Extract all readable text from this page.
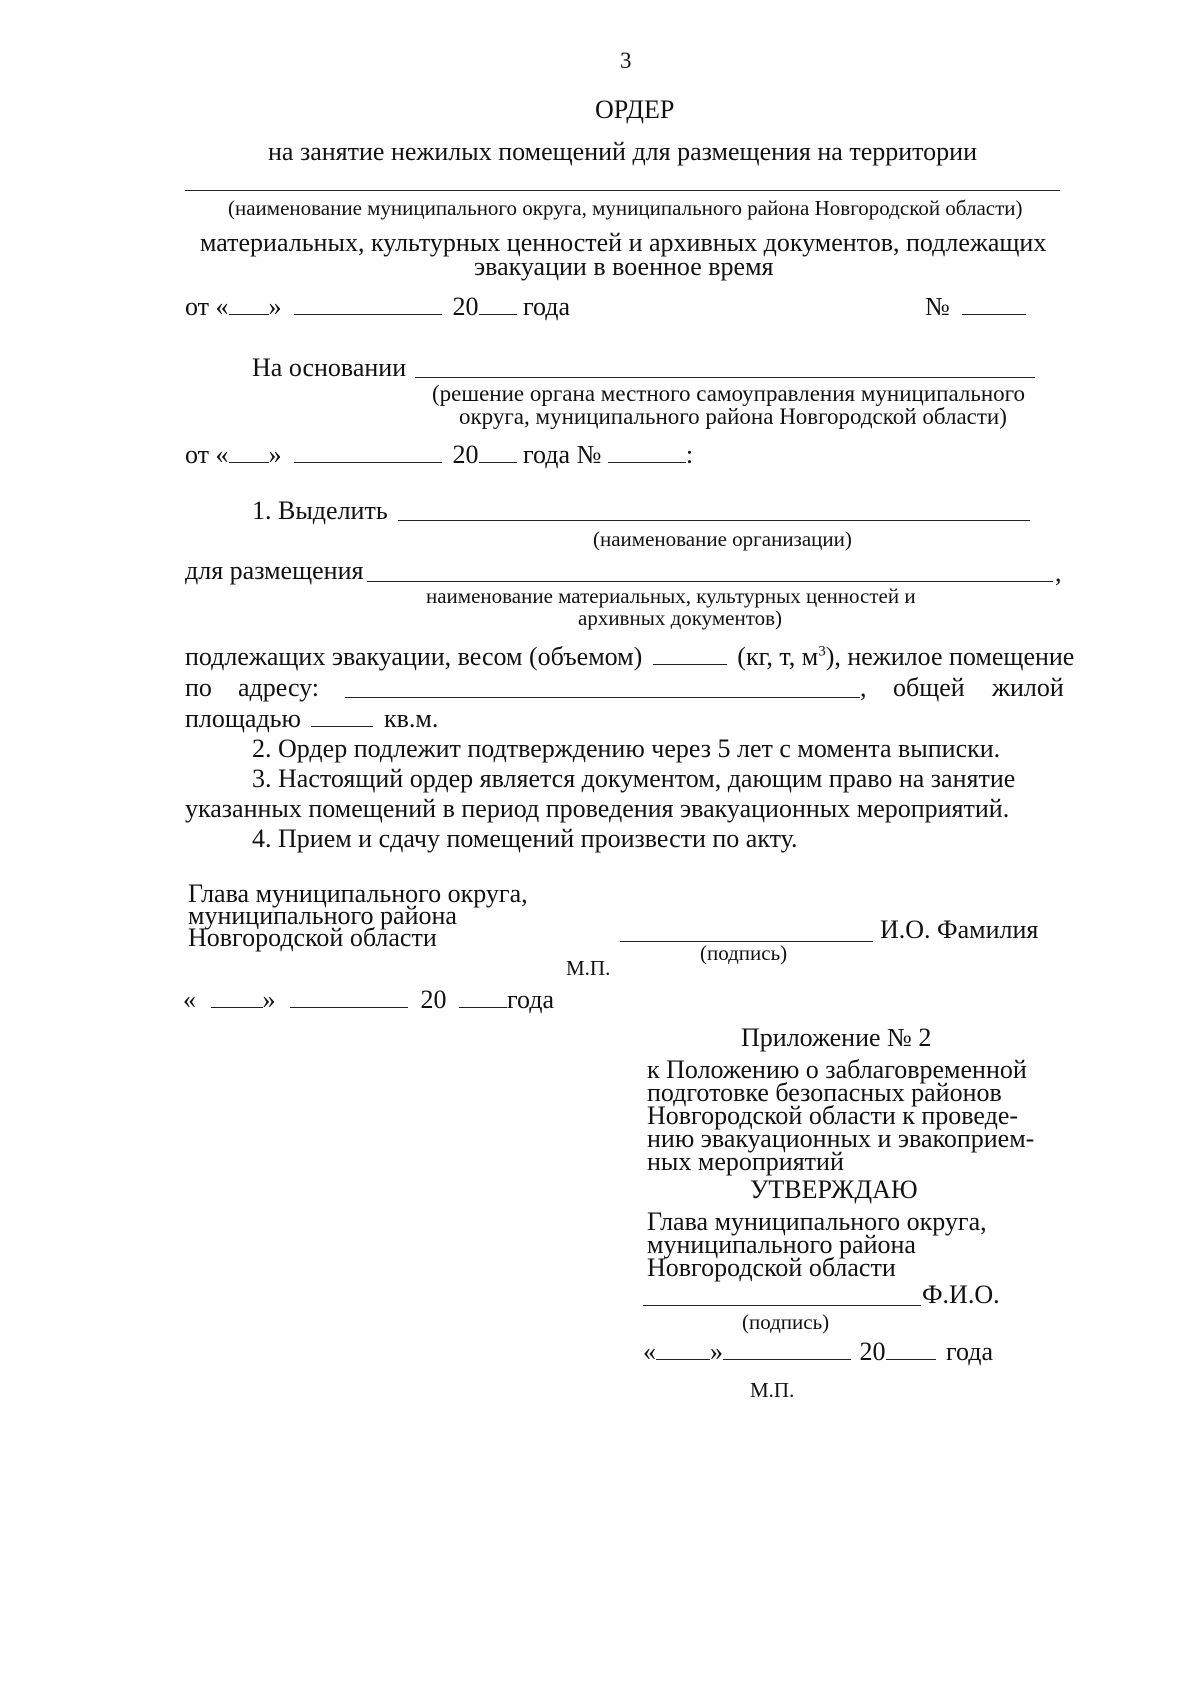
3
ОРДЕР
на занятие нежилых помещений для размещения на территории
(наименование муниципального округа, муниципального района Новгородской области)
материальных, культурных ценностей и архивных документов, подлежащих
эвакуации в военное время
от « »	20 года	№
На основании
(решение органа местного самоуправления муниципального
округа, муниципального района Новгородской области)
от « »	20 года №	:
1. Выделить
(наименование организации)
для размещения	,
наименование материальных, культурных ценностей и
архивных документов)
подлежащих эвакуации, весом (объемом)	(кг, т, $м^3$), нежилое помещение
по адресу:	, общей жилой
площадью	кв.м.
2. Ордер подлежит подтверждению через 5 лет с момента выписки.
3. Настоящий ордер является документом, дающим право на занятие
указанных помещений в период проведения эвакуационных мероприятий.
4. Прием и сдачу помещений произвести по акту.
Глава муниципального округа,
муниципального района
Новгородской области	И.О. Фамилия
(подпись)
М.П.
«	»	20 года
Приложение № 2
к Положению о заблаговременной
подготовке безопасных районов
Новгородской области к проведе-
нию эвакуационных и эвакоприем-
ных мероприятий
УТВЕРЖДАЮ
Глава муниципального округа,
муниципального района
Новгородской области
Ф.И.О.
(подпись)
« »	20 года
М.П.
